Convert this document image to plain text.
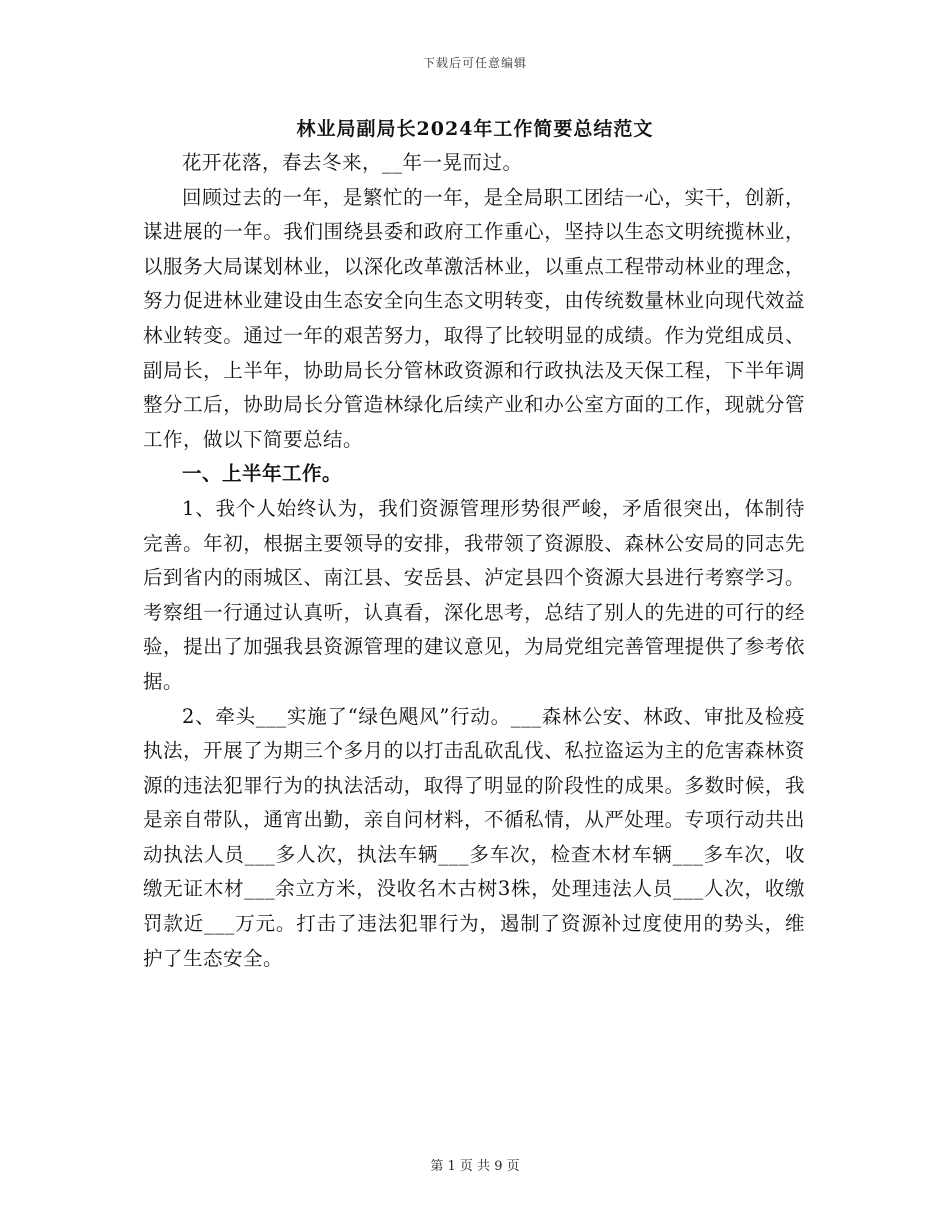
下载后可任意编辑
林业局副局长2024年工作简要总结范文

花开花落，春去冬来，__年一晃而过。

回顾过去的一年，是繁忙的一年，是全局职工团结一心，实干，创新，谋进展的一年。我们围绕县委和政府工作重心，坚持以生态文明统揽林业，以服务大局谋划林业，以深化改革激活林业，以重点工程带动林业的理念，努力促进林业建设由生态安全向生态文明转变，由传统数量林业向现代效益林业转变。通过一年的艰苦努力，取得了比较明显的成绩。作为党组成员、副局长，上半年，协助局长分管林政资源和行政执法及天保工程，下半年调整分工后，协助局长分管造林绿化后续产业和办公室方面的工作，现就分管工作，做以下简要总结。

一、上半年工作。

1、我个人始终认为，我们资源管理形势很严峻，矛盾很突出，体制待完善。年初，根据主要领导的安排，我带领了资源股、森林公安局的同志先后到省内的雨城区、南江县、安岳县、泸定县四个资源大县进行考察学习。考察组一行通过认真听，认真看，深化思考，总结了别人的先进的可行的经验，提出了加强我县资源管理的建议意见，为局党组完善管理提供了参考依据。

2、牵头___实施了“绿色飓风”行动。___森林公安、林政、审批及检疫执法，开展了为期三个多月的以打击乱砍乱伐、私拉盗运为主的危害森林资源的违法犯罪行为的执法活动，取得了明显的阶段性的成果。多数时候，我是亲自带队，通宵出勤，亲自问材料，不循私情，从严处理。专项行动共出动执法人员___多人次，执法车辆___多车次，检查木材车辆___多车次，收缴无证木材___余立方米，没收名木古树3株，处理违法人员___人次，收缴罚款近___万元。打击了违法犯罪行为，遏制了资源补过度使用的势头，维护了生态安全。

第 1 页 共 9 页
